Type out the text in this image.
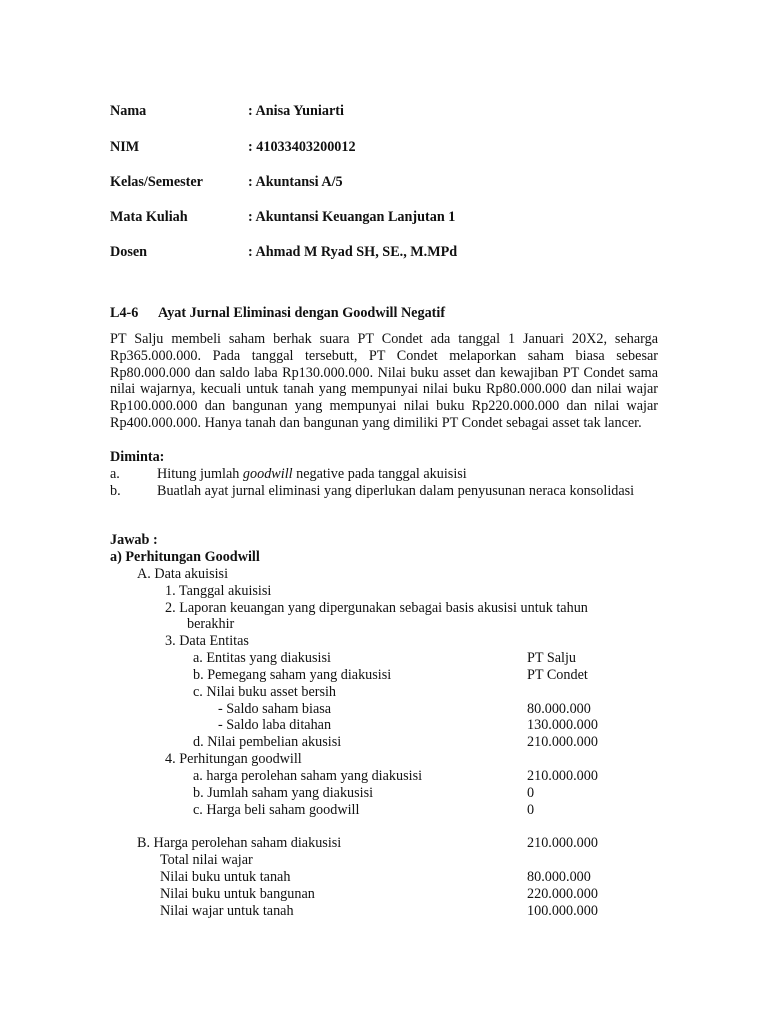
Nama	: Anisa Yuniarti
NIM	: 41033403200012
Kelas/Semester	: Akuntansi A/5
Mata Kuliah	: Akuntansi Keuangan Lanjutan 1
Dosen	: Ahmad M Ryad SH, SE., M.MPd
L4-6 Ayat Jurnal Eliminasi dengan Goodwill Negatif
PT Salju membeli saham berhak suara PT Condet ada tanggal 1 Januari 20X2, seharga Rp365.000.000. Pada tanggal tersebutt, PT Condet melaporkan saham biasa sebesar Rp80.000.000 dan saldo laba Rp130.000.000. Nilai buku asset dan kewajiban PT Condet sama nilai wajarnya, kecuali untuk tanah yang mempunyai nilai buku Rp80.000.000 dan nilai wajar Rp100.000.000 dan bangunan yang mempunyai nilai buku Rp220.000.000 dan nilai wajar Rp400.000.000. Hanya tanah dan bangunan yang dimiliki PT Condet sebagai asset tak lancer.
Diminta:
a.	Hitung jumlah goodwill negative pada tanggal akuisisi
b.	Buatlah ayat jurnal eliminasi yang diperlukan dalam penyusunan neraca konsolidasi
Jawab :
a) Perhitungan Goodwill
A. Data akuisisi
1. Tanggal akuisisi
2. Laporan keuangan yang dipergunakan sebagai basis akusisi untuk tahun
berakhir
3. Data Entitas
a. Entitas yang diakusisi	PT Salju
b. Pemegang saham yang diakusisi	PT Condet
c. Nilai buku asset bersih
- Saldo saham biasa	80.000.000
- Saldo laba ditahan	130.000.000
d. Nilai pembelian akusisi	210.000.000
4. Perhitungan goodwill
a. harga perolehan saham yang diakusisi	210.000.000
b. Jumlah saham yang diakusisi	0
c. Harga beli saham goodwill	0
B. Harga perolehan saham diakusisi	210.000.000
Total nilai wajar
Nilai buku untuk tanah	80.000.000
Nilai buku untuk bangunan	220.000.000
Nilai wajar untuk tanah	100.000.000
